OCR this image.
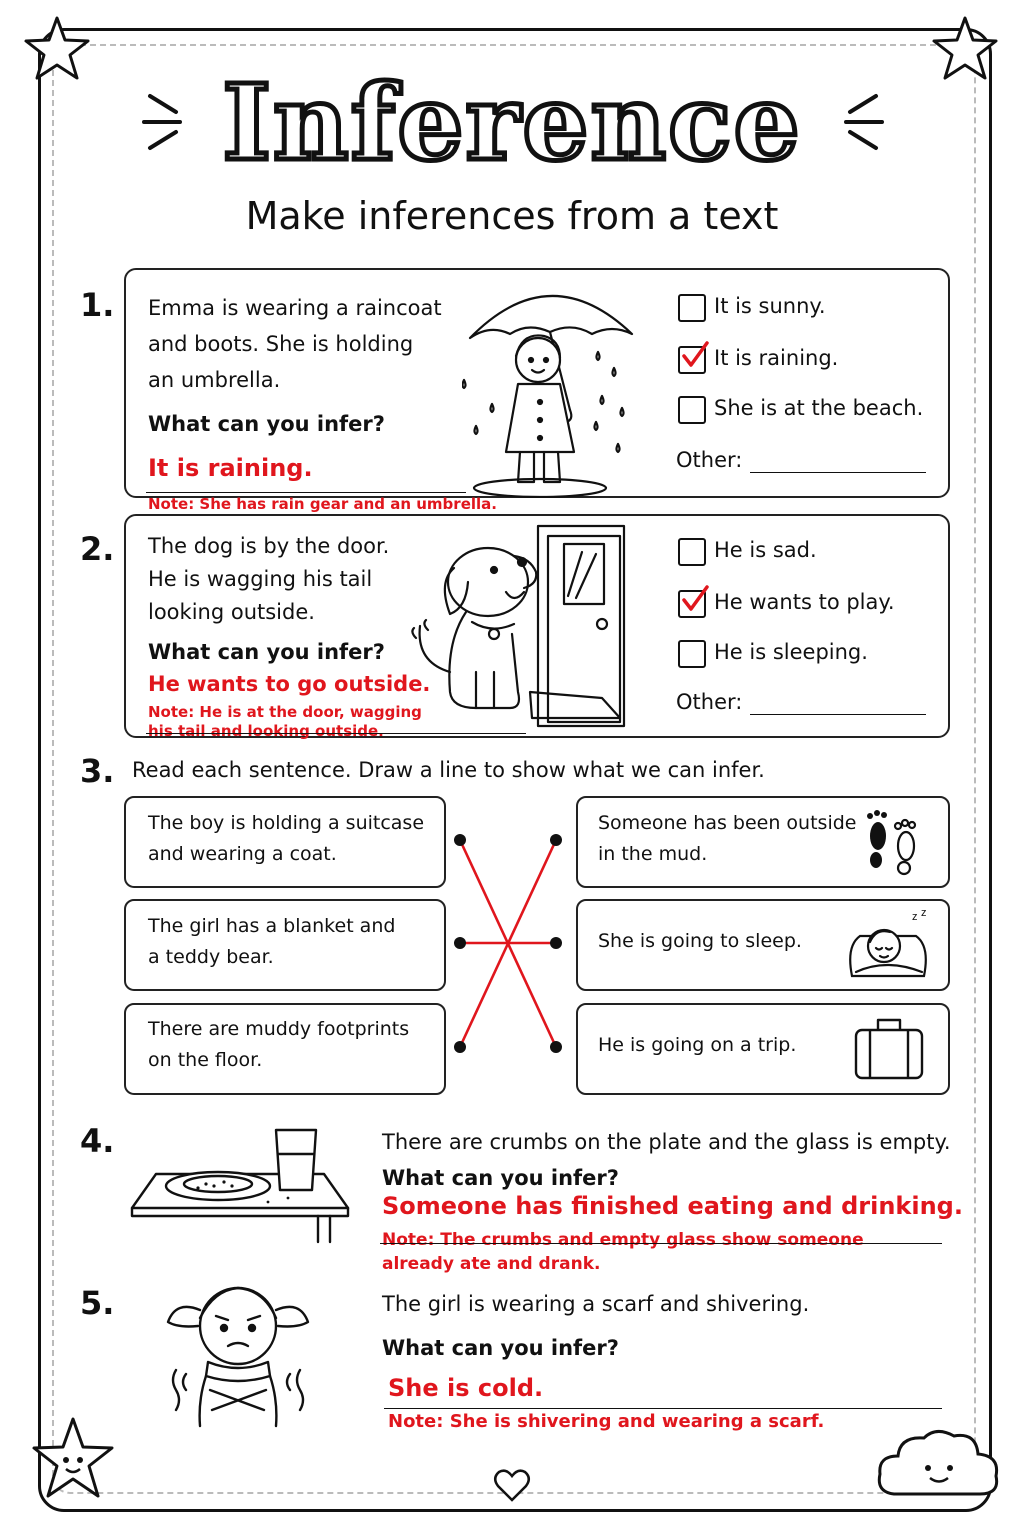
Inference
Make inferences from a text
1. Emma is wearing a raincoat
and boots. She is holding
an umbrella.
What can you infer?
It is raining.
Note: She has rain gear and an umbrella.
It is sunny.
It is raining.
She is at the beach.
Other:
2. The dog is by the door.
He is wagging his tail
looking outside.
What can you infer?
He wants to go outside.
Note: He is at the door, wagging
his tail and looking outside.
He is sad.
He wants to play.
He is sleeping.
Other:
3. Read each sentence. Draw a line to show what we can infer.
The boy is holding a suitcase
and wearing a coat.
The girl has a blanket and
a teddy bear.
There are muddy footprints
on the floor.
Someone has been outside
in the mud.
She is going to sleep.
He is going on a trip.
z z
4.	There are crumbs on the plate and the glass is empty.
What can you infer?
Someone has finished eating and drinking.
Note: The crumbs and empty glass show someone
already ate and drank.
5.	The girl is wearing a scarf and shivering.
What can you infer?
She is cold.
Note: She is shivering and wearing a scarf.
